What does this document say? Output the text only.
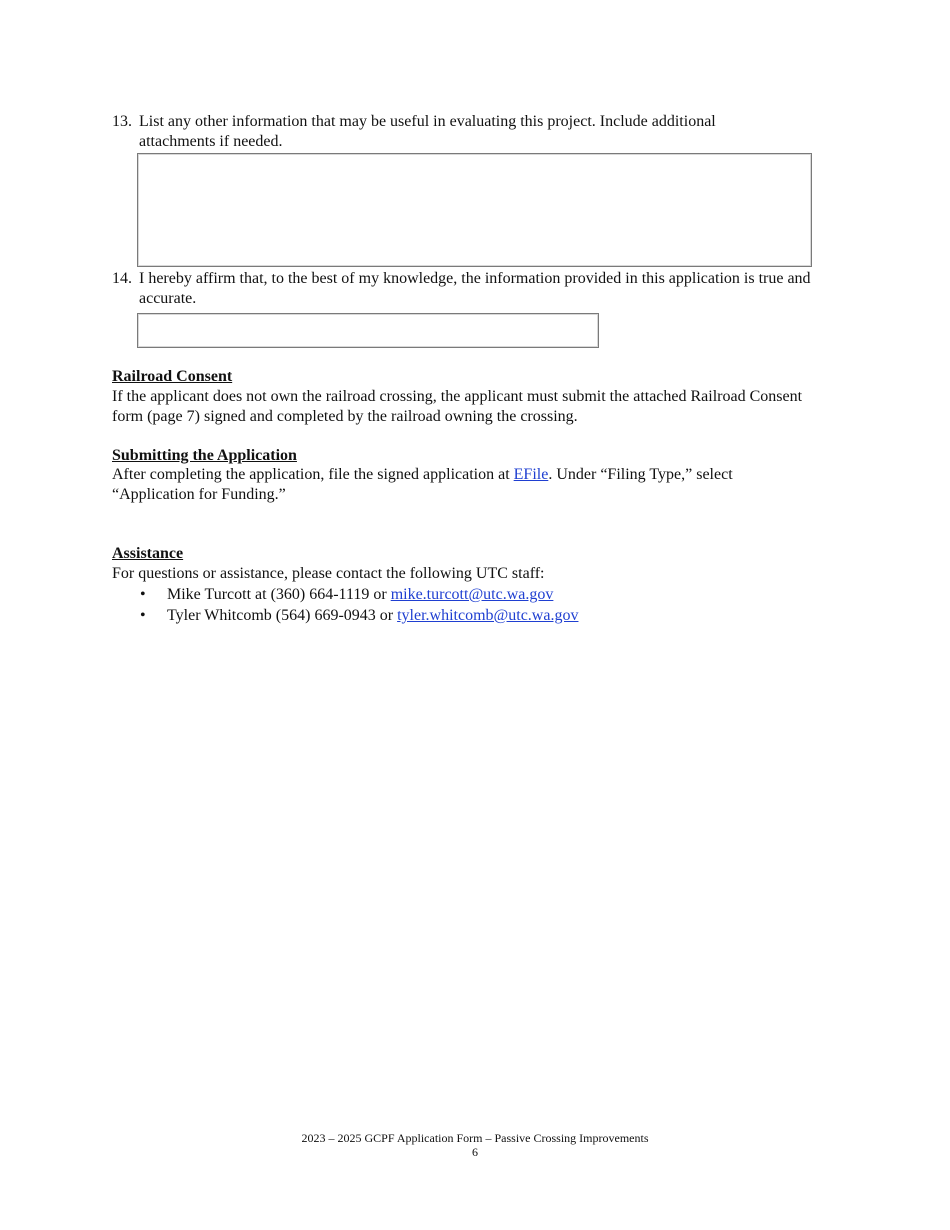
13. List any other information that may be useful in evaluating this project. Include additional attachments if needed.
14. I hereby affirm that, to the best of my knowledge, the information provided in this application is true and accurate.
Railroad Consent
If the applicant does not own the railroad crossing, the applicant must submit the attached Railroad Consent form (page 7) signed and completed by the railroad owning the crossing.
Submitting the Application
After completing the application, file the signed application at EFile. Under “Filing Type,” select “Application for Funding.”
Assistance
For questions or assistance, please contact the following UTC staff:
• Mike Turcott at (360) 664-1119 or mike.turcott@utc.wa.gov
• Tyler Whitcomb (564) 669-0943 or tyler.whitcomb@utc.wa.gov
2023 – 2025 GCPF Application Form – Passive Crossing Improvements
6
